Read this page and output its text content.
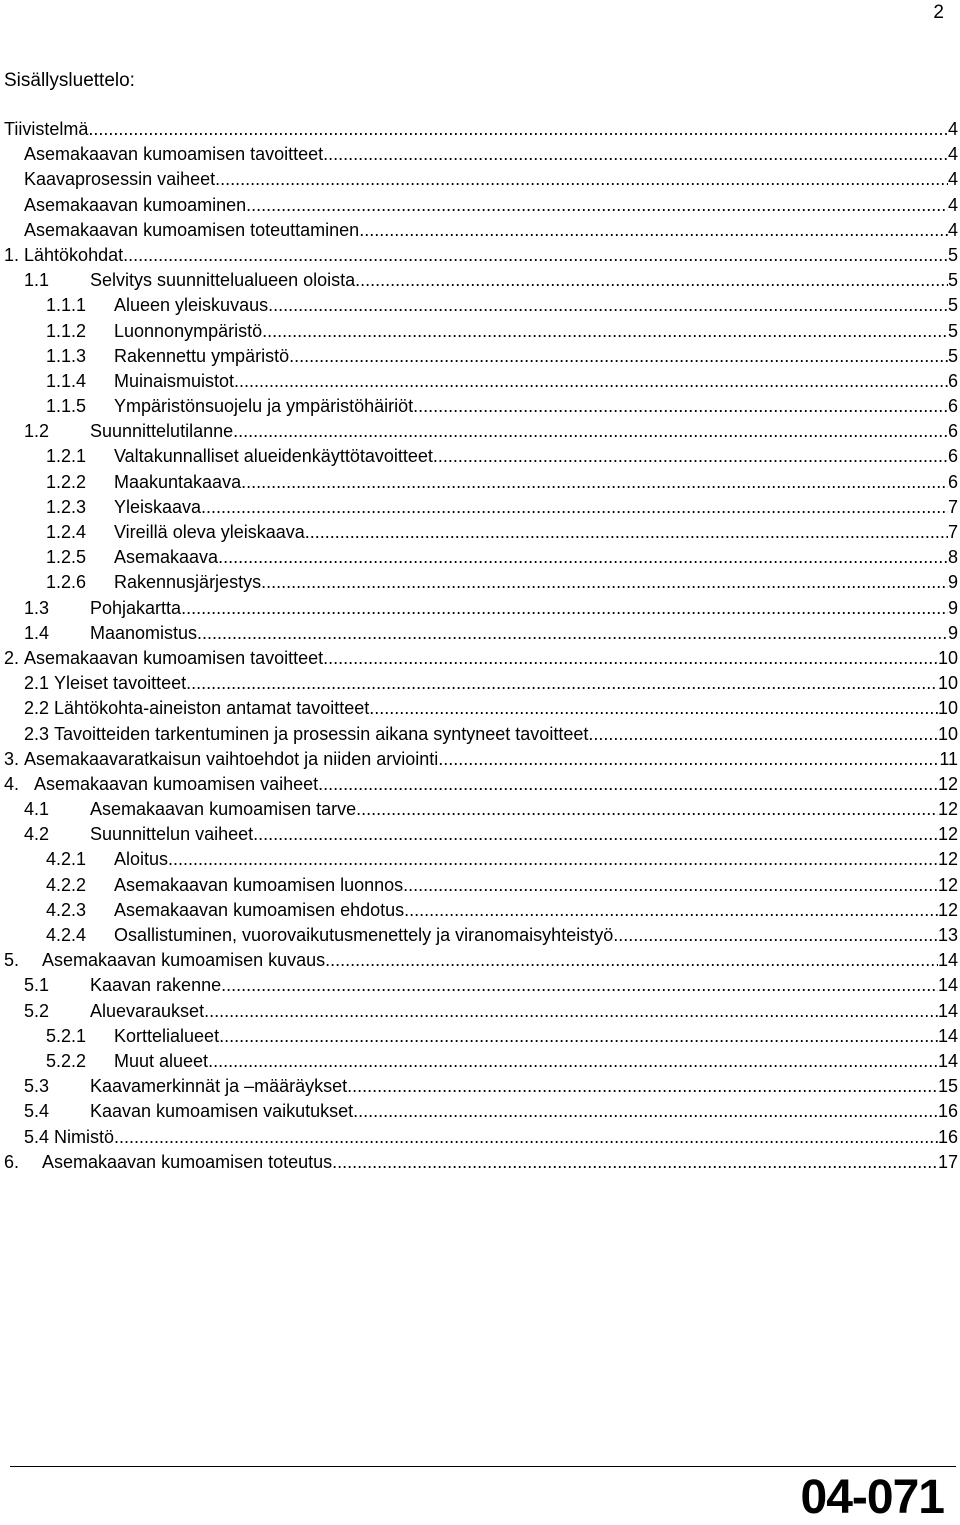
2
Sisällysluettelo:
Tiivistelmä .....	4
Asemakaavan kumoamisen tavoitteet .....	4
Kaavaprosessin vaiheet .....	4
Asemakaavan kumoaminen .....	4
Asemakaavan kumoamisen toteuttaminen .....	4
1. Lähtökohdat .....	5
1.1	Selvitys suunnittelualueen oloista .....	5
1.1.1	Alueen yleiskuvaus .....	5
1.1.2	Luonnonympäristö .....	5
1.1.3	Rakennettu ympäristö .....	5
1.1.4	Muinaismuistot .....	6
1.1.5	Ympäristönsuojelu ja ympäristöhäiriöt .....	6
1.2	Suunnittelutilanne .....	6
1.2.1	Valtakunnalliset alueidenkäyttötavoitteet .....	6
1.2.2	Maakuntakaava .....	6
1.2.3	Yleiskaava .....	7
1.2.4	Vireillä oleva yleiskaava .....	7
1.2.5	Asemakaava .....	8
1.2.6	Rakennusjärjestys .....	9
1.3	Pohjakartta .....	9
1.4	Maanomistus .....	9
2. Asemakaavan kumoamisen tavoitteet .....	10
2.1 Yleiset tavoitteet .....	10
2.2 Lähtökohta-aineiston antamat tavoitteet .....	10
2.3 Tavoitteiden tarkentuminen ja prosessin aikana syntyneet tavoitteet .....	10
3. Asemakaavaratkaisun vaihtoehdot ja niiden arviointi .....	11
4. Asemakaavan kumoamisen vaiheet .....	12
4.1	Asemakaavan kumoamisen tarve .....	12
4.2	Suunnittelun vaiheet .....	12
4.2.1	Aloitus .....	12
4.2.2	Asemakaavan kumoamisen luonnos .....	12
4.2.3	Asemakaavan kumoamisen ehdotus .....	12
4.2.4	Osallistuminen, vuorovaikutusmenettely ja viranomaisyhteistyö .....	13
5.	Asemakaavan kumoamisen kuvaus .....	14
5.1	Kaavan rakenne .....	14
5.2	Aluevaraukset .....	14
5.2.1	Korttelialueet .....	14
5.2.2	Muut alueet .....	14
5.3	Kaavamerkinnät ja –määräykset .....	15
5.4	Kaavan kumoamisen vaikutukset .....	16
5.4 Nimistö .....	16
6.	Asemakaavan kumoamisen toteutus .....	17
04-071
